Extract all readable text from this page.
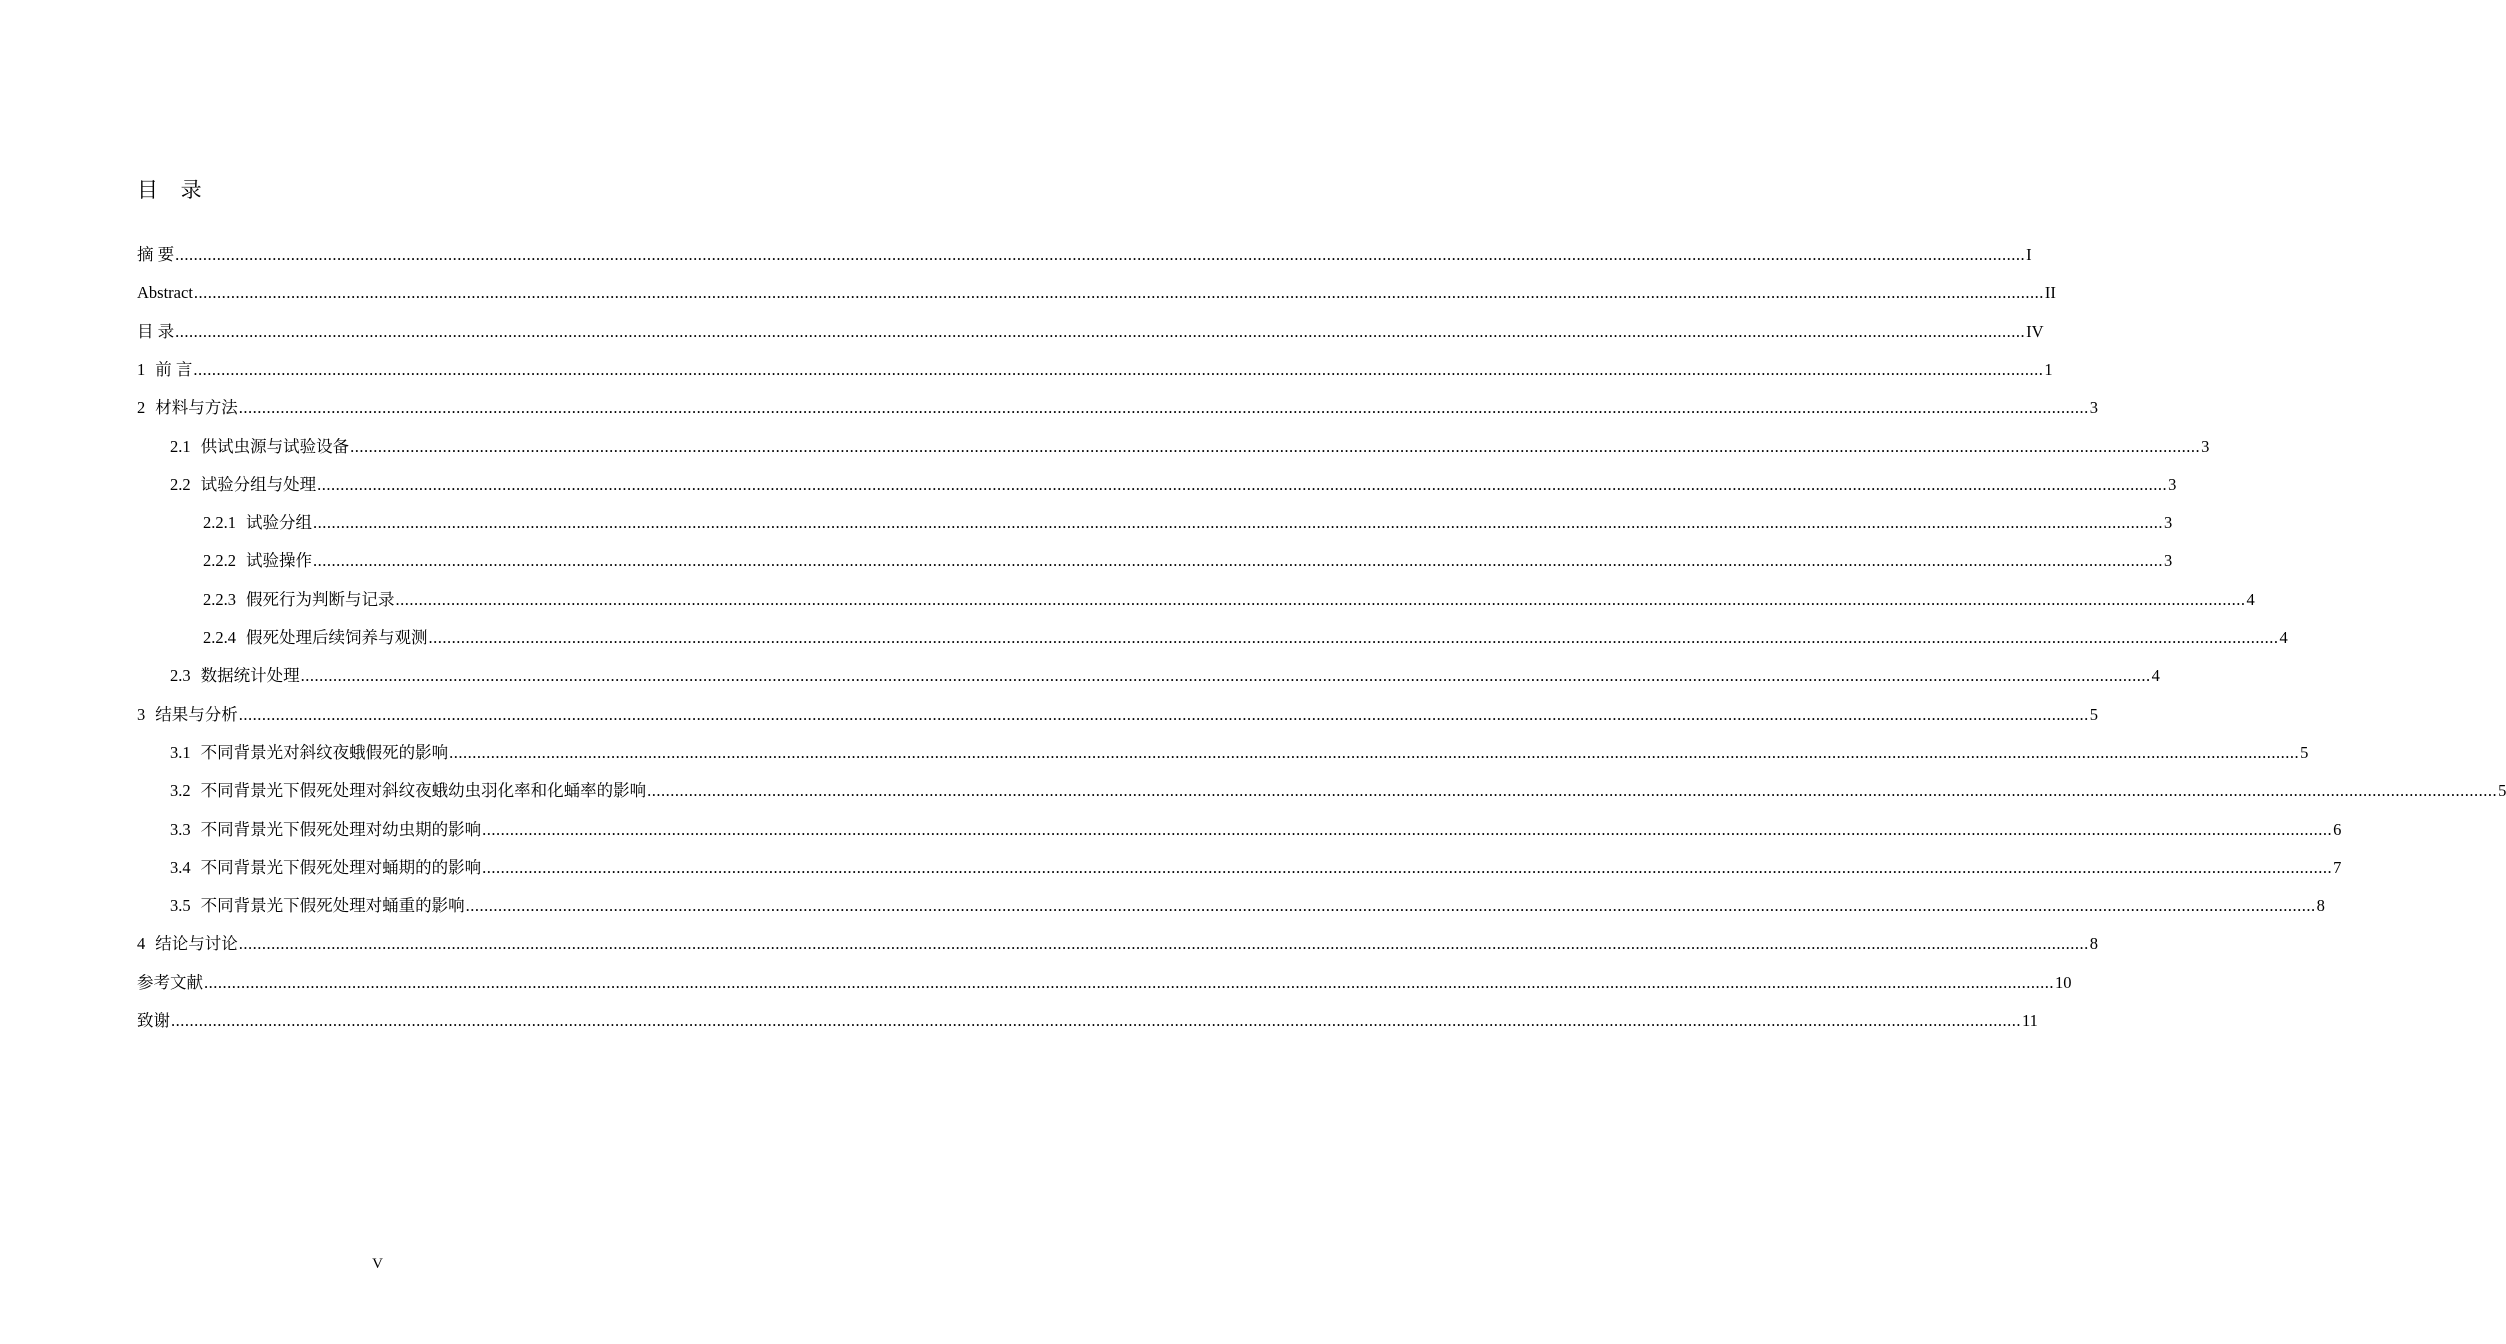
目 录
摘 要 ................................................................................................................................................................................................................................................................................................................................................................................................................ I
Abstract ................................................................................................................................................................................................................................................................................................................................................................................................................ II
目 录 ................................................................................................................................................................................................................................................................................................................................................................................................................ IV
1 前 言 ................................................................................................................................................................................................................................................................................................................................................................................................................ 1
2 材料与方法 ................................................................................................................................................................................................................................................................................................................................................................................................................ 3
2.1 供试虫源与试验设备 ................................................................................................................................................................................................................................................................................................................................................................................................................ 3
2.2 试验分组与处理 ................................................................................................................................................................................................................................................................................................................................................................................................................ 3
2.2.1 试验分组 ................................................................................................................................................................................................................................................................................................................................................................................................................ 3
2.2.2 试验操作 ................................................................................................................................................................................................................................................................................................................................................................................................................ 3
2.2.3 假死行为判断与记录 ................................................................................................................................................................................................................................................................................................................................................................................................................ 4
2.2.4 假死处理后续饲养与观测 ................................................................................................................................................................................................................................................................................................................................................................................................................ 4
2.3 数据统计处理 ................................................................................................................................................................................................................................................................................................................................................................................................................ 4
3 结果与分析 ................................................................................................................................................................................................................................................................................................................................................................................................................ 5
3.1 不同背景光对斜纹夜蛾假死的影响 ................................................................................................................................................................................................................................................................................................................................................................................................................ 5
3.2 不同背景光下假死处理对斜纹夜蛾幼虫羽化率和化蛹率的影响 ................................................................................................................................................................................................................................................................................................................................................................................................................ 5
3.3 不同背景光下假死处理对幼虫期的影响 ................................................................................................................................................................................................................................................................................................................................................................................................................ 6
3.4 不同背景光下假死处理对蛹期的的影响 ................................................................................................................................................................................................................................................................................................................................................................................................................ 7
3.5 不同背景光下假死处理对蛹重的影响 ................................................................................................................................................................................................................................................................................................................................................................................................................ 8
4 结论与讨论 ................................................................................................................................................................................................................................................................................................................................................................................................................ 8
参考文献 ................................................................................................................................................................................................................................................................................................................................................................................................................ 10
致谢 ................................................................................................................................................................................................................................................................................................................................................................................................................ 11
V
